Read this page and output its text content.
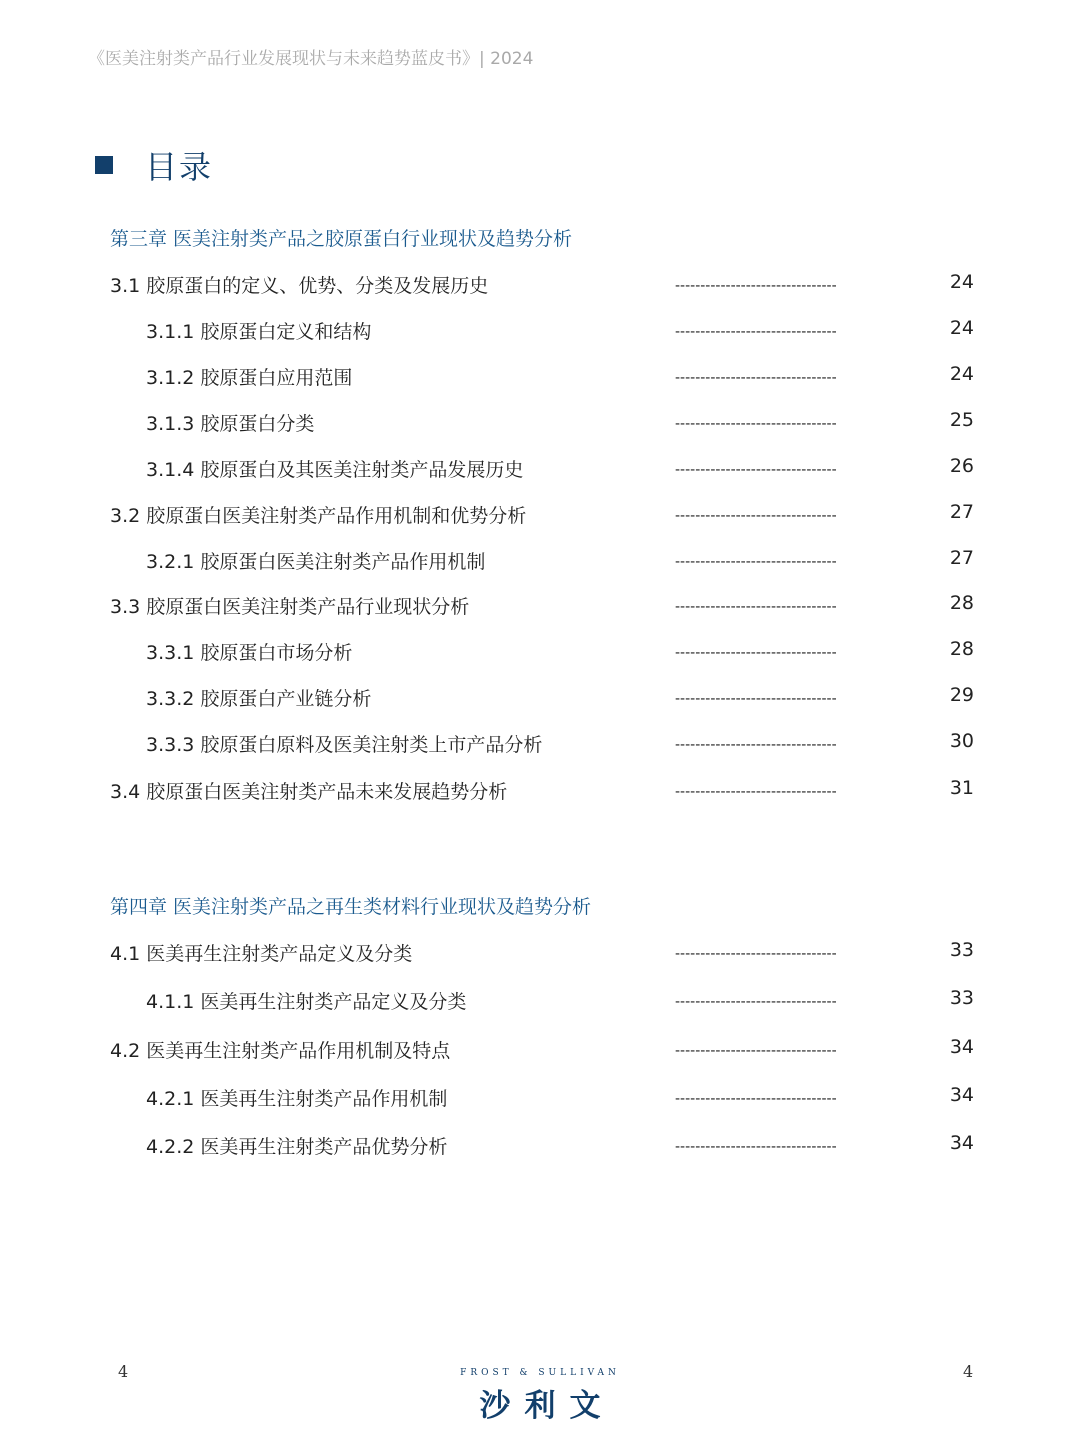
《医美注射类产品行业发展现状与未来趋势蓝皮书》| 2024
目录
第三章 医美注射类产品之胶原蛋白行业现状及趋势分析
3.1 胶原蛋白的定义、优势、分类及发展历史	--------------------------------	24
3.1.1 胶原蛋白定义和结构	--------------------------------	24
3.1.2 胶原蛋白应用范围	--------------------------------	24
3.1.3 胶原蛋白分类	--------------------------------	25
3.1.4 胶原蛋白及其医美注射类产品发展历史	--------------------------------	26
3.2 胶原蛋白医美注射类产品作用机制和优势分析	--------------------------------	27
3.2.1 胶原蛋白医美注射类产品作用机制	--------------------------------	27
3.3 胶原蛋白医美注射类产品行业现状分析	--------------------------------	28
3.3.1 胶原蛋白市场分析	--------------------------------	28
3.3.2 胶原蛋白产业链分析	--------------------------------	29
3.3.3 胶原蛋白原料及医美注射类上市产品分析	--------------------------------	30
3.4 胶原蛋白医美注射类产品未来发展趋势分析	--------------------------------	31
第四章 医美注射类产品之再生类材料行业现状及趋势分析
4.1 医美再生注射类产品定义及分类	--------------------------------	33
4.1.1 医美再生注射类产品定义及分类	--------------------------------	33
4.2 医美再生注射类产品作用机制及特点	--------------------------------	34
4.2.1 医美再生注射类产品作用机制	--------------------------------	34
4.2.2 医美再生注射类产品优势分析	--------------------------------	34
4	4
FROST & SULLIVAN
沙利文
